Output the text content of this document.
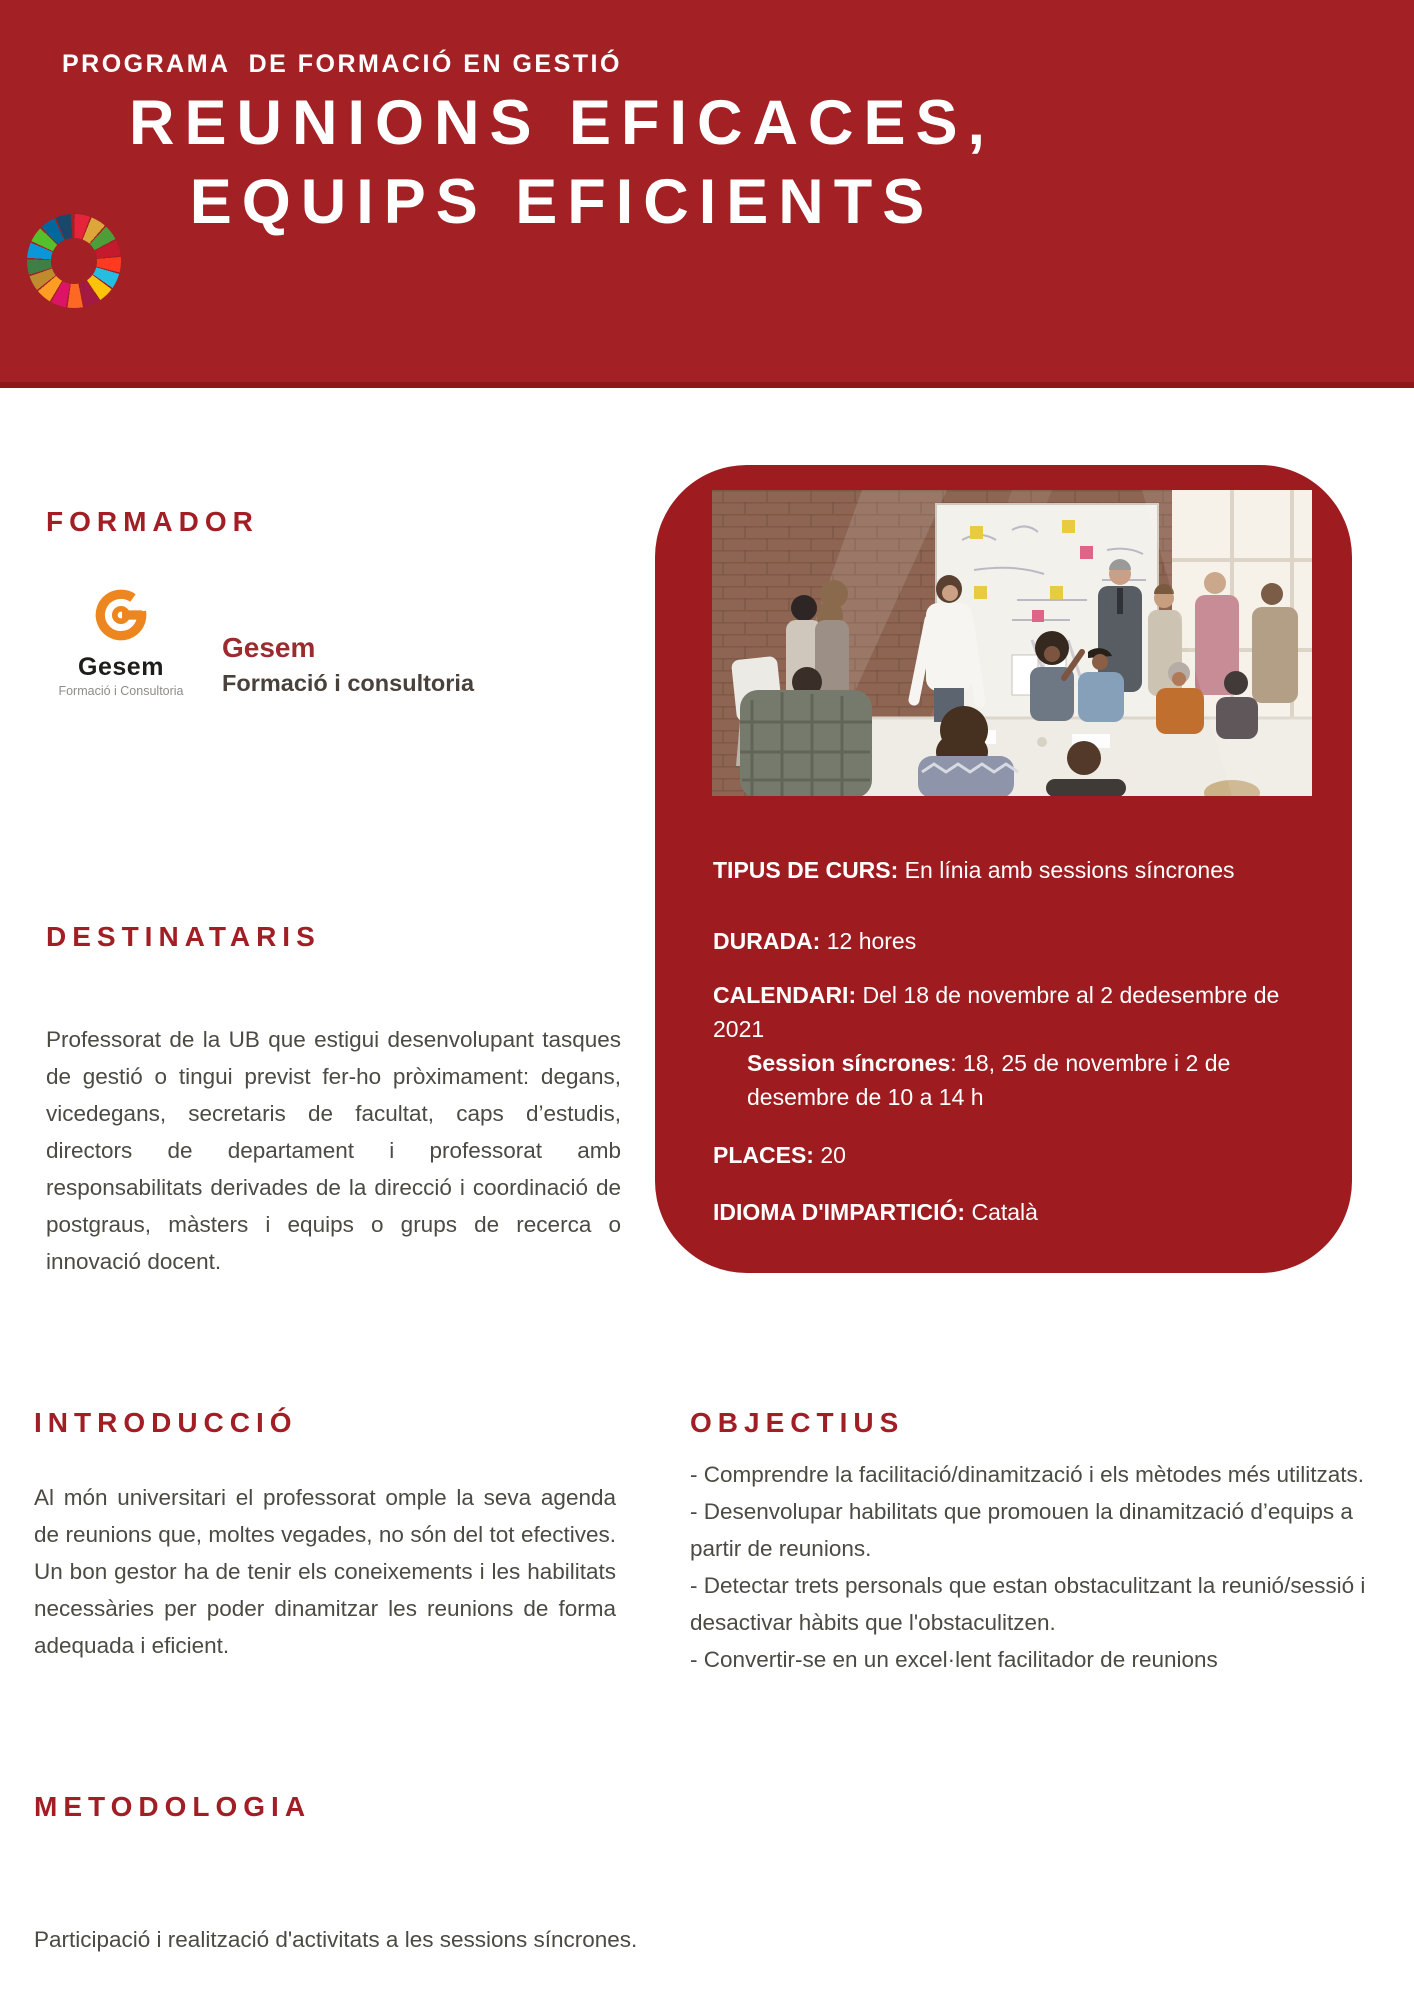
PROGRAMA  DE FORMACIÓ EN GESTIÓ
REUNIONS EFICACES,
EQUIPS EFICIENTS
FORMADOR
Gesem
Formació i Consultoria
Gesem
Formació i consultoria
DESTINATARIS

Professorat de la UB que estigui desenvolupant tasques de gestió o tingui previst fer-ho pròximament: degans, vicedegans, secretaris de facultat, caps d’estudis, directors de departament i professorat amb responsabilitats derivades de la direcció i coordinació de postgraus, màsters i equips o grups de recerca o innovació docent.

TIPUS DE CURS: En línia amb sessions síncrones

DURADA: 12 hores

CALENDARI: Del 18 de novembre al 2 dedesembre de 2021

Session síncrones: 18, 25 de novembre i 2 de desembre de 10 a 14 h

PLACES: 20

IDIOMA D'IMPARTICIÓ: Català

INTRODUCCIÓ

Al món universitari el professorat omple la seva agenda de reunions que, moltes vegades, no són del tot efectives. Un bon gestor ha de tenir els coneixements i les habilitats necessàries per poder dinamitzar les reunions de forma adequada i eficient.

OBJECTIUS
- Comprendre la facilitació/dinamització i els mètodes més utilitzats.
- Desenvolupar habilitats que promouen la dinamització d’equips a partir de reunions.
- Detectar trets personals que estan obstaculitzant la reunió/sessió i desactivar hàbits que l'obstaculitzen.
- Convertir-se en un excel·lent facilitador de reunions
METODOLOGIA

Participació i realització d'activitats a les sessions síncrones.
